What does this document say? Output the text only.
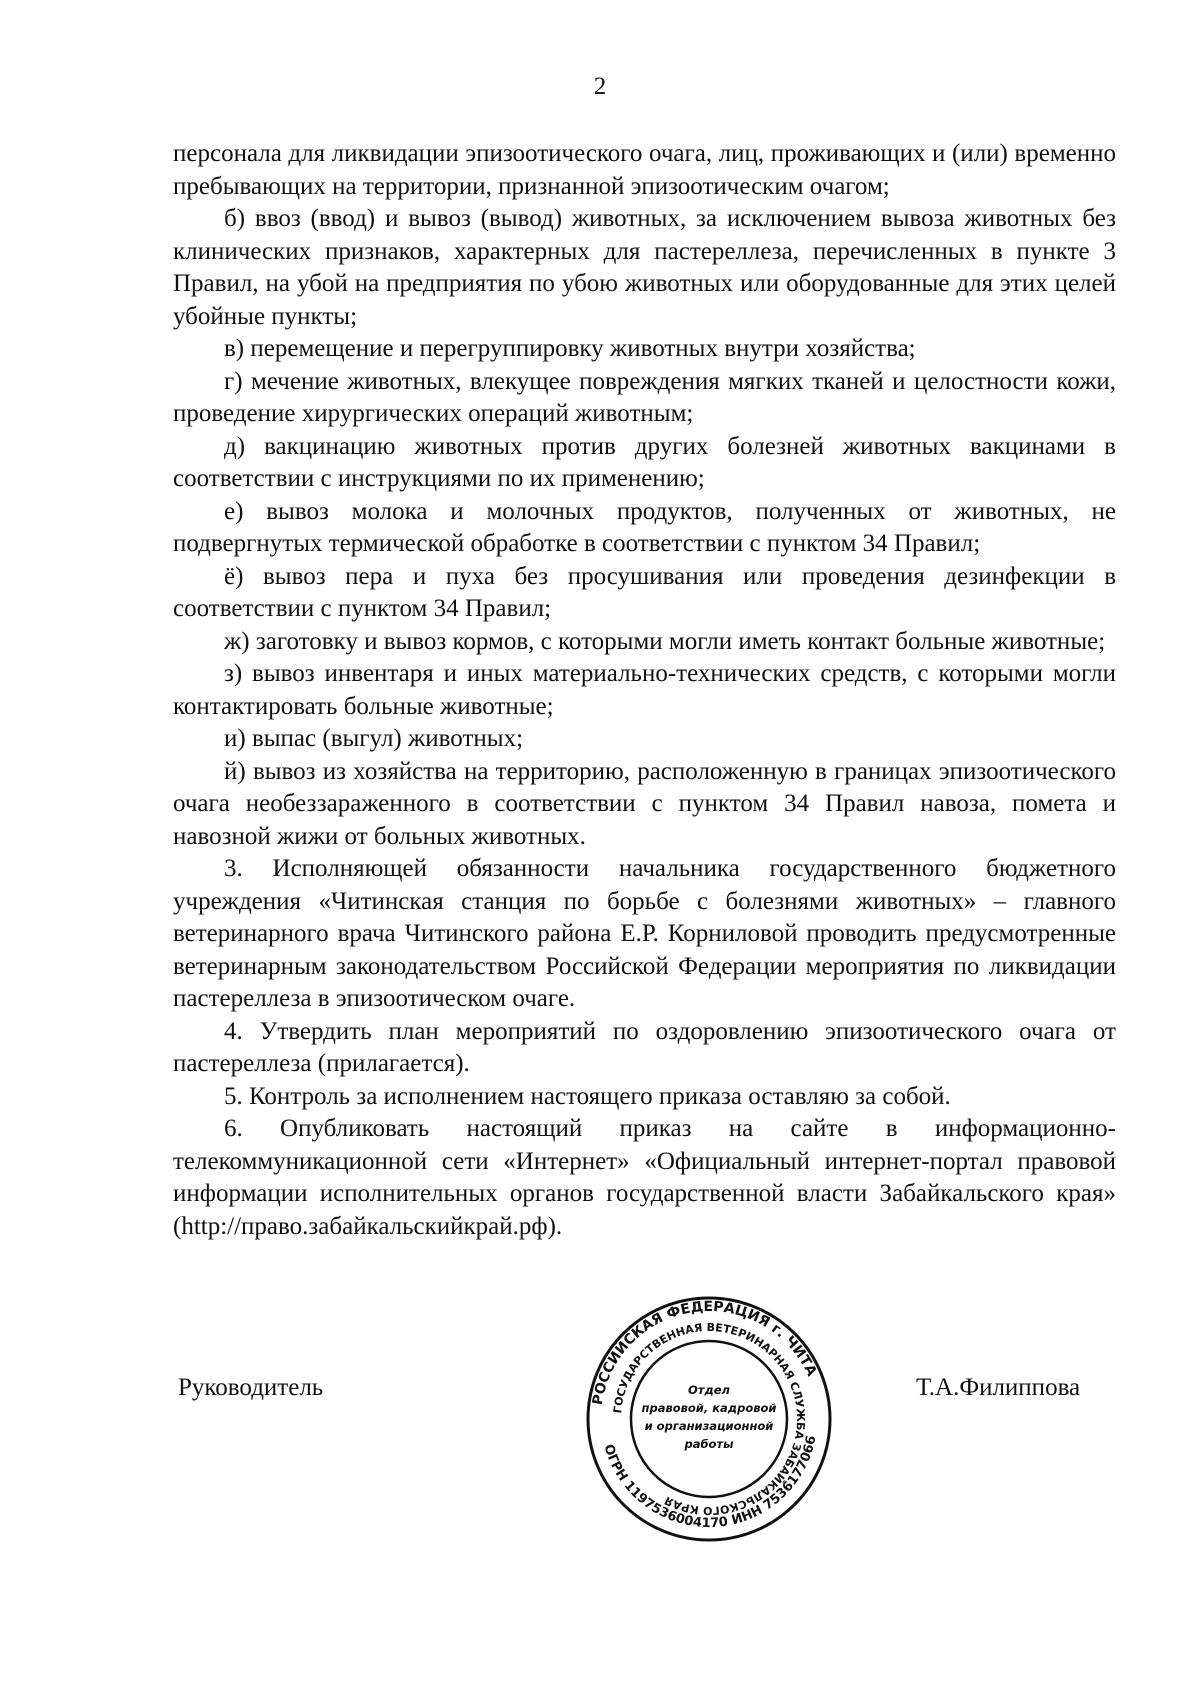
2

персонала для ликвидации эпизоотического очага, лиц, проживающих и (или) временно пребывающих на территории, признанной эпизоотическим очагом;

б) ввоз (ввод) и вывоз (вывод) животных, за исключением вывоза животных без клинических признаков, характерных для пастереллеза, перечисленных в пункте 3 Правил, на убой на предприятия по убою животных или оборудованные для этих целей убойные пункты;

в) перемещение и перегруппировку животных внутри хозяйства;

г) мечение животных, влекущее повреждения мягких тканей и целостности кожи, проведение хирургических операций животным;

д) вакцинацию животных против других болезней животных вакцинами в соответствии с инструкциями по их применению;

е) вывоз молока и молочных продуктов, полученных от животных, не подвергнутых термической обработке в соответствии с пунктом 34 Правил;

ё) вывоз пера и пуха без просушивания или проведения дезинфекции в соответствии с пунктом 34 Правил;

ж) заготовку и вывоз кормов, с которыми могли иметь контакт больные животные;

з) вывоз инвентаря и иных материально-технических средств, с которыми могли контактировать больные животные;

и) выпас (выгул) животных;

й) вывоз из хозяйства на территорию, расположенную в границах эпизоотического очага необеззараженного в соответствии с пунктом 34 Правил навоза, помета и навозной жижи от больных животных.

3. Исполняющей обязанности начальника государственного бюджетного учреждения «Читинская станция по борьбе с болезнями животных» – главного ветеринарного врача Читинского района Е.Р. Корниловой проводить предусмотренные ветеринарным законодательством Российской Федерации мероприятия по ликвидации пастереллеза в эпизоотическом очаге.

4. Утвердить план мероприятий по оздоровлению эпизоотического очага от пастереллеза (прилагается).

5. Контроль за исполнением настоящего приказа оставляю за собой.

6. Опубликовать настоящий приказ на сайте в информационно-телекоммуникационной сети «Интернет» «Официальный интернет-портал правовой информации исполнительных органов государственной власти Забайкальского края» (http://право.забайкальскийкрай.рф).

Руководитель	РОССИЙСКАЯ ФЕДЕРАЦИЯ г. ЧИТА
ГОСУДАРСТВЕННАЯ ВЕТЕРИНАРНАЯ СЛУЖБА ЗАБАЙКАЛЬСКОГО КРАЯ
ОГРН 1197536004170 ИНН 7536177066
Отдел
правовой, кадровой
и организационной
работы
Т.А.Филиппова
